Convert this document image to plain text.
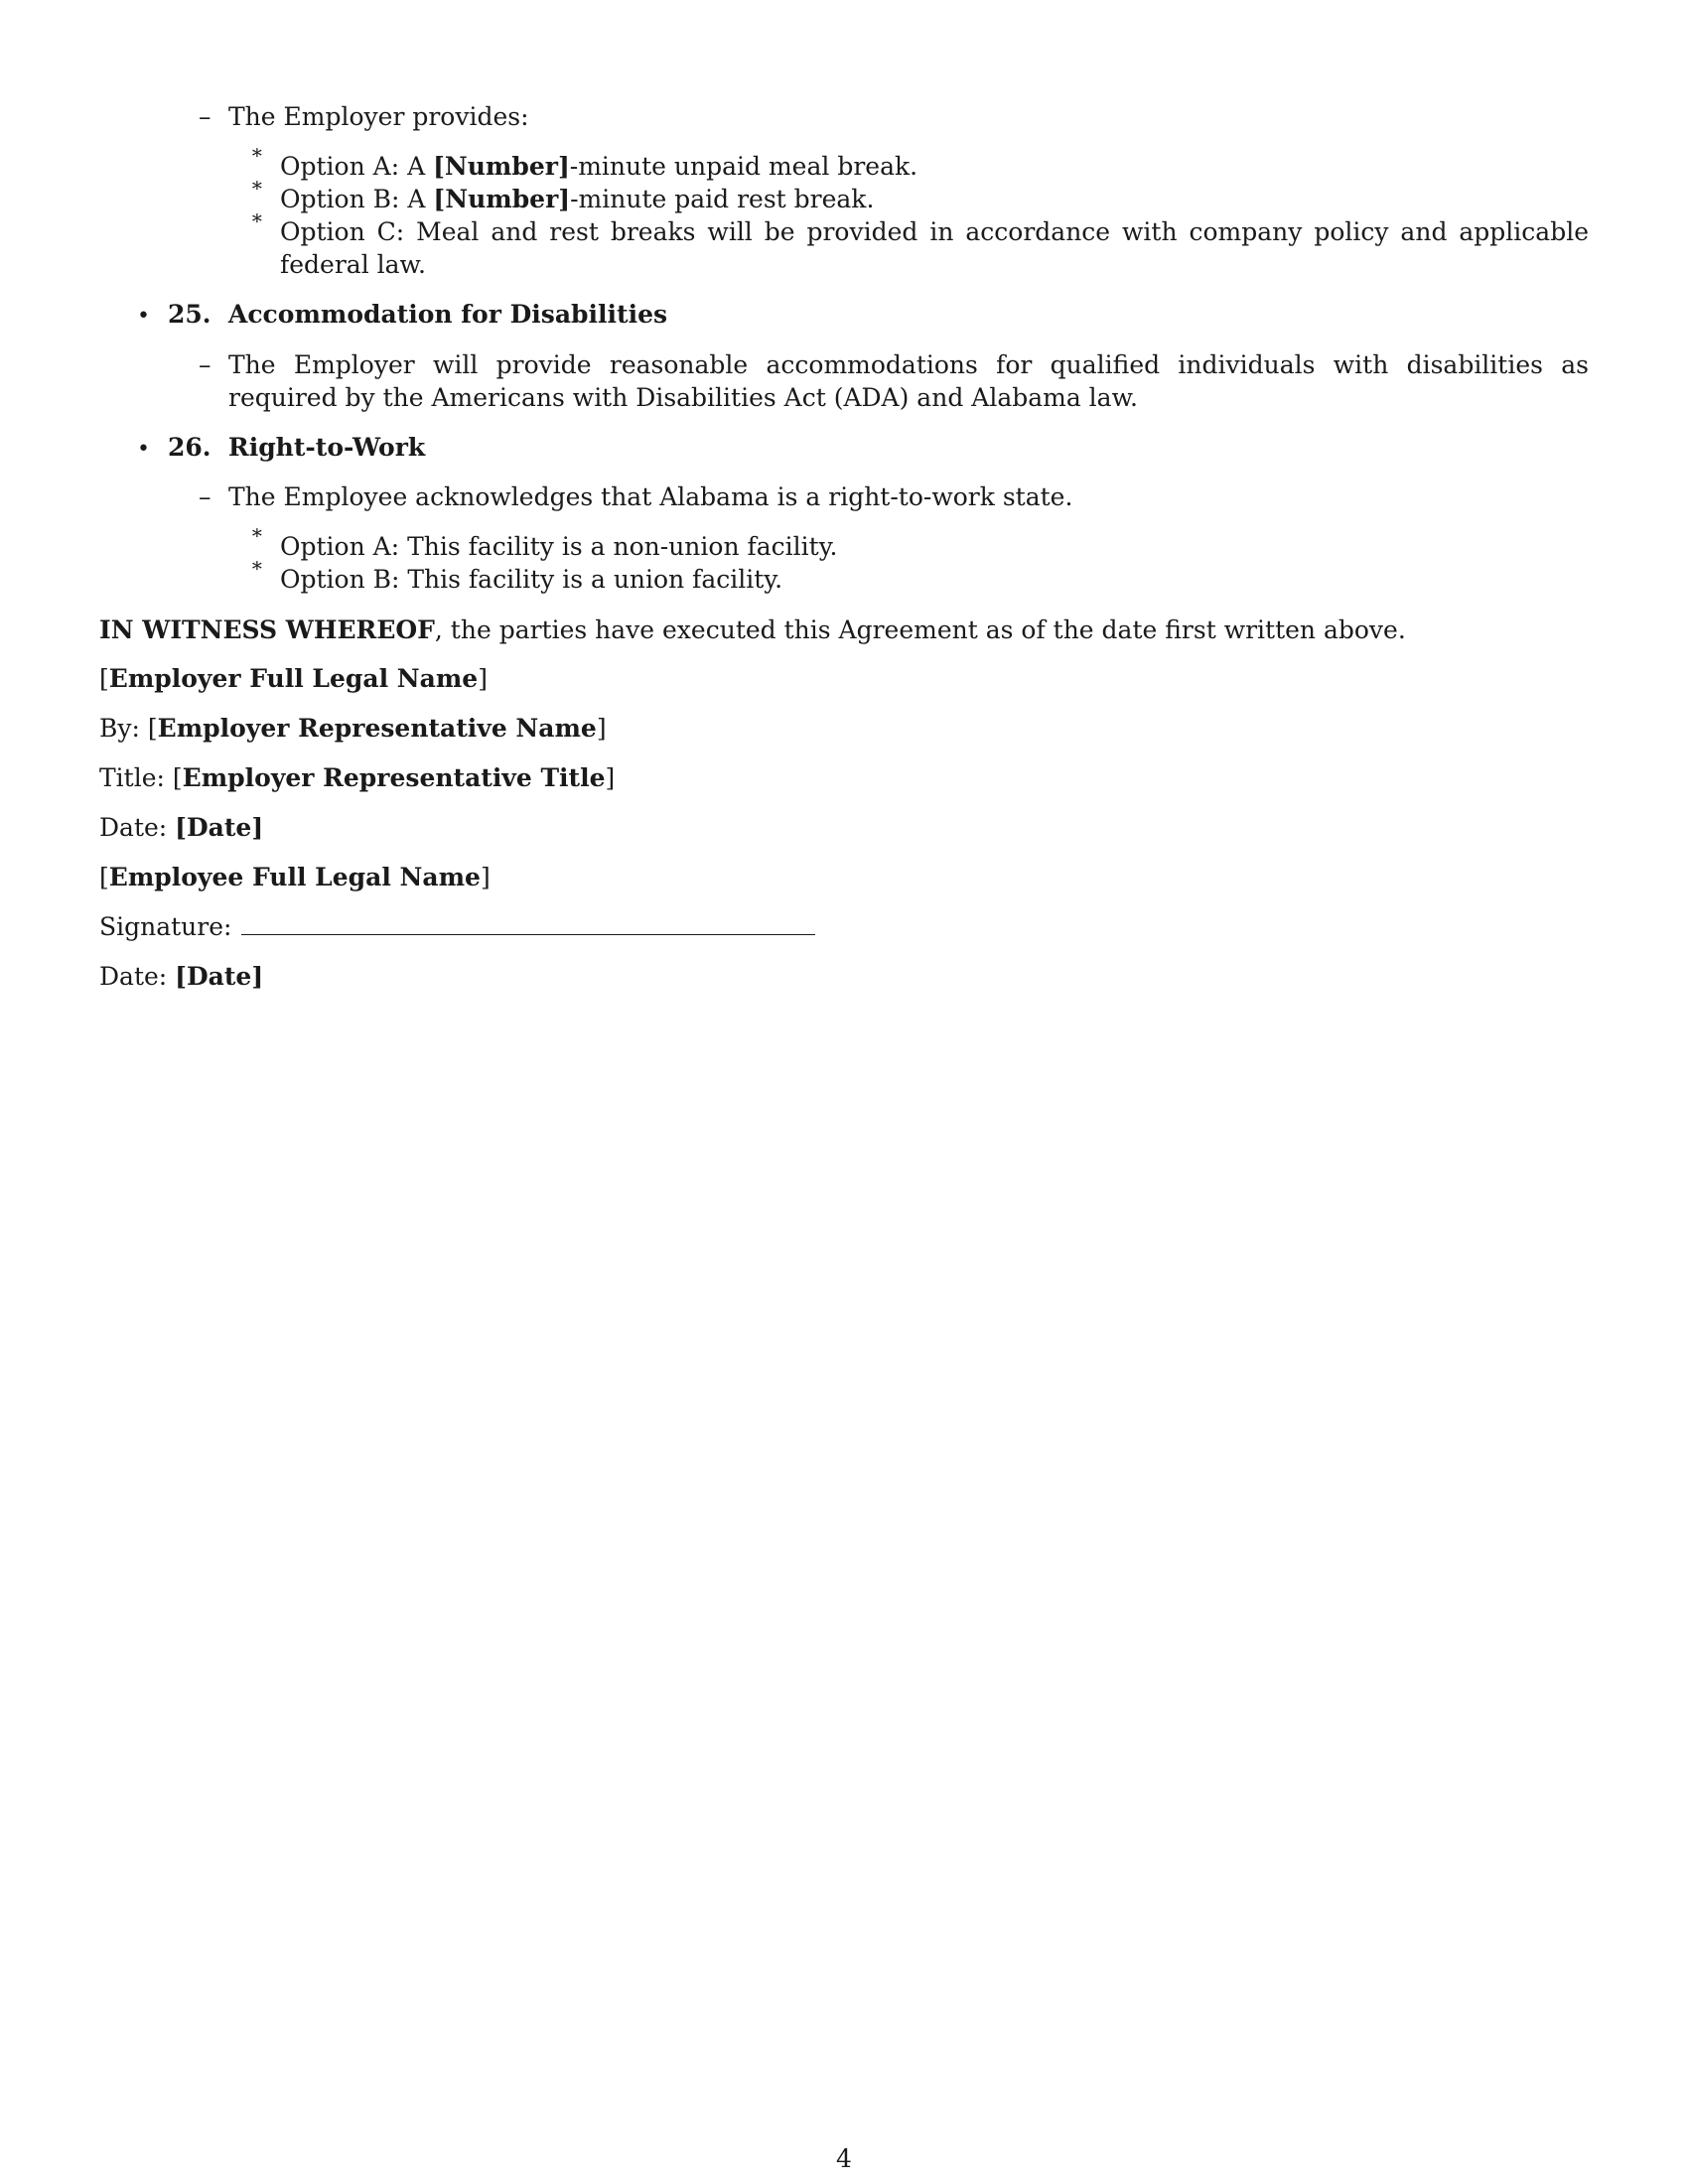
– The Employer provides:
∗ Option A: A [Number]-minute unpaid meal break.
∗ Option B: A [Number]-minute paid rest break.
∗ Option C: Meal and rest breaks will be provided in accordance with company policy and applicable federal law.
• 25. Accommodation for Disabilities
– The Employer will provide reasonable accommodations for qualified individuals with disabilities as required by the Americans with Disabilities Act (ADA) and Alabama law.
• 26. Right-to-Work
– The Employee acknowledges that Alabama is a right-to-work state.
∗ Option A: This facility is a non-union facility.
∗ Option B: This facility is a union facility.
IN WITNESS WHEREOF, the parties have executed this Agreement as of the date first written above.
[Employer Full Legal Name]
By: [Employer Representative Name]
Title: [Employer Representative Title]
Date: [Date]
[Employee Full Legal Name]
Signature:
Date: [Date]
4
